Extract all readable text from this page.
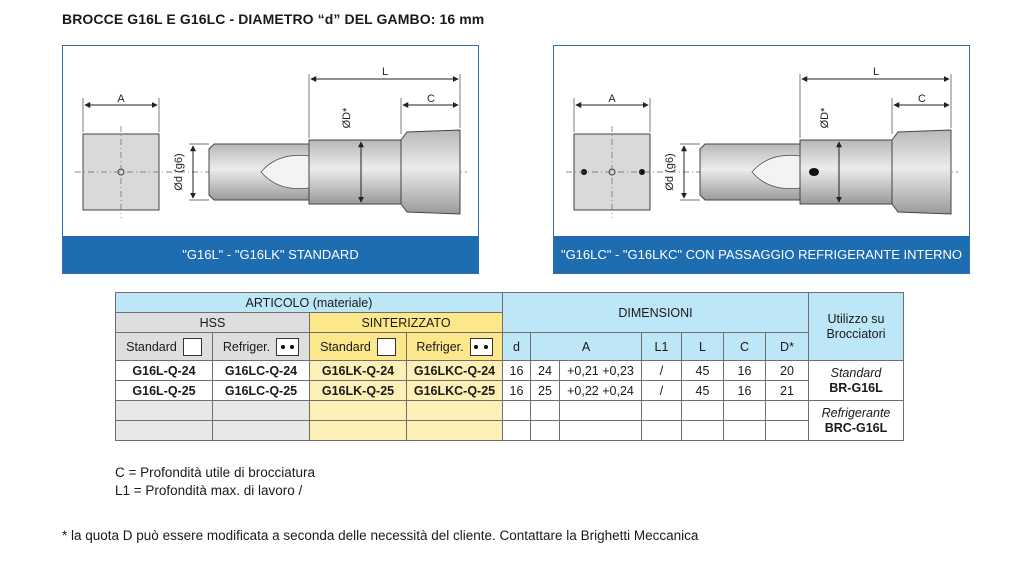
BROCCE G16L E G16LC - DIAMETRO “d” DEL GAMBO: 16 mm
A
Ød (g6)
ØD*
L
C
"G16L" - "G16LK" STANDARD
A
Ød (g6)
ØD*
L
C
"G16LC" - "G16LKC" CON PASSAGGIO REFRIGERANTE INTERNO
ARTICOLO (materiale)				DIMENSIONI							Utilizzo su Brocciatori
HSS		SINTERIZZATO									

Standard	Refriger.	Standard	Refriger.	d	A		L1	L	C	D*	
G16L-Q-24	G16LC-Q-24	G16LK-Q-24	G16LKC-Q-24	16	24	+0,21 +0,23	/	45	16	20	Standard
BR-G16L

G16L-Q-25	G16LC-Q-25	G16LK-Q-25	G16LKC-Q-25	16	25	+0,22 +0,24	/	45	16	21	

											Refrigerante
BRC-G16L

C = Profondità utile di brocciatura
L1 = Profondità max. di lavoro /
* la quota D può essere modificata a seconda delle necessità del cliente. Contattare la Brighetti Meccanica
